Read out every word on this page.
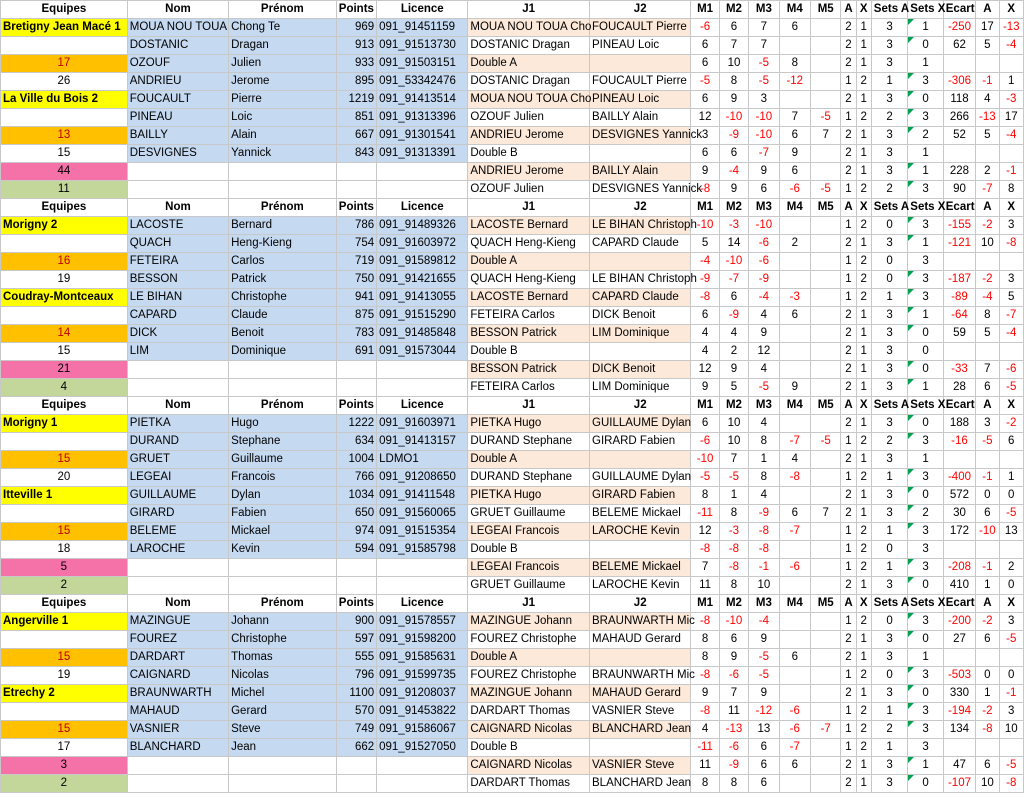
Equipes	Nom	Prénom	Points	Licence	J1	J2	M1	M2	M3	M4	M5	A	X	Sets A	Sets X	Ecart	A	X
Bretigny Jean Macé 1	MOUA NOU TOUA	Chong Te	969	091_91451159	MOUA NOU TOUA Cho	FOUCAULT Pierre	-6	6	7	6		2	1	3	1	-250	17	-13
	DOSTANIC	Dragan	913	091_91513730	DOSTANIC Dragan	PINEAU Loic	6	7	7			2	1	3	0	62	5	-4
17	OZOUF	Julien	933	091_91503151	Double A		6	10	-5	8		2	1	3	1			
26	ANDRIEU	Jerome	895	091_53342476	DOSTANIC Dragan	FOUCAULT Pierre	-5	8	-5	-12		1	2	1	3	-306	-1	1
La Ville du Bois 2	FOUCAULT	Pierre	1219	091_91413514	MOUA NOU TOUA Cho	PINEAU Loic	6	9	3			2	1	3	0	118	4	-3
	PINEAU	Loic	851	091_91313396	OZOUF Julien	BAILLY Alain	12	-10	-10	7	-5	1	2	2	3	266	-13	17
13	BAILLY	Alain	667	091_91301541	ANDRIEU Jerome	DESVIGNES Yannick	3	-9	-10	6	7	2	1	3	2	52	5	-4
15	DESVIGNES	Yannick	843	091_91313391	Double B		6	6	-7	9		2	1	3	1			
44					ANDRIEU Jerome	BAILLY Alain	9	-4	9	6		2	1	3	1	228	2	-1
11					OZOUF Julien	DESVIGNES Yannick	-8	9	6	-6	-5	1	2	2	3	90	-7	8
Equipes	Nom	Prénom	Points	Licence	J1	J2	M1	M2	M3	M4	M5	A	X	Sets A	Sets X	Ecart	A	X
Morigny 2	LACOSTE	Bernard	786	091_91489326	LACOSTE Bernard	LE BIHAN Christoph	-10	-3	-10			1	2	0	3	-155	-2	3
	QUACH	Heng-Kieng	754	091_91603972	QUACH Heng-Kieng	CAPARD Claude	5	14	-6	2		2	1	3	1	-121	10	-8
16	FETEIRA	Carlos	719	091_91589812	Double A		-4	-10	-6			1	2	0	3			
19	BESSON	Patrick	750	091_91421655	QUACH Heng-Kieng	LE BIHAN Christoph	-9	-7	-9			1	2	0	3	-187	-2	3
Coudray-Montceaux	LE BIHAN	Christophe	941	091_91413055	LACOSTE Bernard	CAPARD Claude	-8	6	-4	-3		1	2	1	3	-89	-4	5
	CAPARD	Claude	875	091_91515290	FETEIRA Carlos	DICK Benoit	6	-9	4	6		2	1	3	1	-64	8	-7
14	DICK	Benoit	783	091_91485848	BESSON Patrick	LIM Dominique	4	4	9			2	1	3	0	59	5	-4
15	LIM	Dominique	691	091_91573044	Double B		4	2	12			2	1	3	0			
21					BESSON Patrick	DICK Benoit	12	9	4			2	1	3	0	-33	7	-6
4					FETEIRA Carlos	LIM Dominique	9	5	-5	9		2	1	3	1	28	6	-5
Equipes	Nom	Prénom	Points	Licence	J1	J2	M1	M2	M3	M4	M5	A	X	Sets A	Sets X	Ecart	A	X
Morigny 1	PIETKA	Hugo	1222	091_91603971	PIETKA Hugo	GUILLAUME Dylan	6	10	4			2	1	3	0	188	3	-2
	DURAND	Stephane	634	091_91413157	DURAND Stephane	GIRARD Fabien	-6	10	8	-7	-5	1	2	2	3	-16	-5	6
15	GRUET	Guillaume	1004	LDMO1	Double A		-10	7	1	4		2	1	3	1			
20	LEGEAI	Francois	766	091_91208650	DURAND Stephane	GUILLAUME Dylan	-5	-5	8	-8		1	2	1	3	-400	-1	1
Itteville 1	GUILLAUME	Dylan	1034	091_91411548	PIETKA Hugo	GIRARD Fabien	8	1	4			2	1	3	0	572	0	0
	GIRARD	Fabien	650	091_91560065	GRUET Guillaume	BELEME Mickael	-11	8	-9	6	7	2	1	3	2	30	6	-5
15	BELEME	Mickael	974	091_91515354	LEGEAI Francois	LAROCHE Kevin	12	-3	-8	-7		1	2	1	3	172	-10	13
18	LAROCHE	Kevin	594	091_91585798	Double B		-8	-8	-8			1	2	0	3			
5					LEGEAI Francois	BELEME Mickael	7	-8	-1	-6		1	2	1	3	-208	-1	2
2					GRUET Guillaume	LAROCHE Kevin	11	8	10			2	1	3	0	410	1	0
Equipes	Nom	Prénom	Points	Licence	J1	J2	M1	M2	M3	M4	M5	A	X	Sets A	Sets X	Ecart	A	X
Angerville 1	MAZINGUE	Johann	900	091_91578557	MAZINGUE Johann	BRAUNWARTH Mic	-8	-10	-4			1	2	0	3	-200	-2	3
	FOUREZ	Christophe	597	091_91598200	FOUREZ Christophe	MAHAUD Gerard	8	6	9			2	1	3	0	27	6	-5
15	DARDART	Thomas	555	091_91585631	Double A		8	9	-5	6		2	1	3	1			
19	CAIGNARD	Nicolas	796	091_91599735	FOUREZ Christophe	BRAUNWARTH Mic	-8	-6	-5			1	2	0	3	-503	0	0
Etrechy 2	BRAUNWARTH	Michel	1100	091_91208037	MAZINGUE Johann	MAHAUD Gerard	9	7	9			2	1	3	0	330	1	-1
	MAHAUD	Gerard	570	091_91453822	DARDART Thomas	VASNIER Steve	-8	11	-12	-6		1	2	1	3	-194	-2	3
15	VASNIER	Steve	749	091_91586067	CAIGNARD Nicolas	BLANCHARD Jean	4	-13	13	-6	-7	1	2	2	3	134	-8	10
17	BLANCHARD	Jean	662	091_91527050	Double B		-11	-6	6	-7		1	2	1	3			
3					CAIGNARD Nicolas	VASNIER Steve	11	-9	6	6		2	1	3	1	47	6	-5
2					DARDART Thomas	BLANCHARD Jean	8	8	6			2	1	3	0	-107	10	-8
